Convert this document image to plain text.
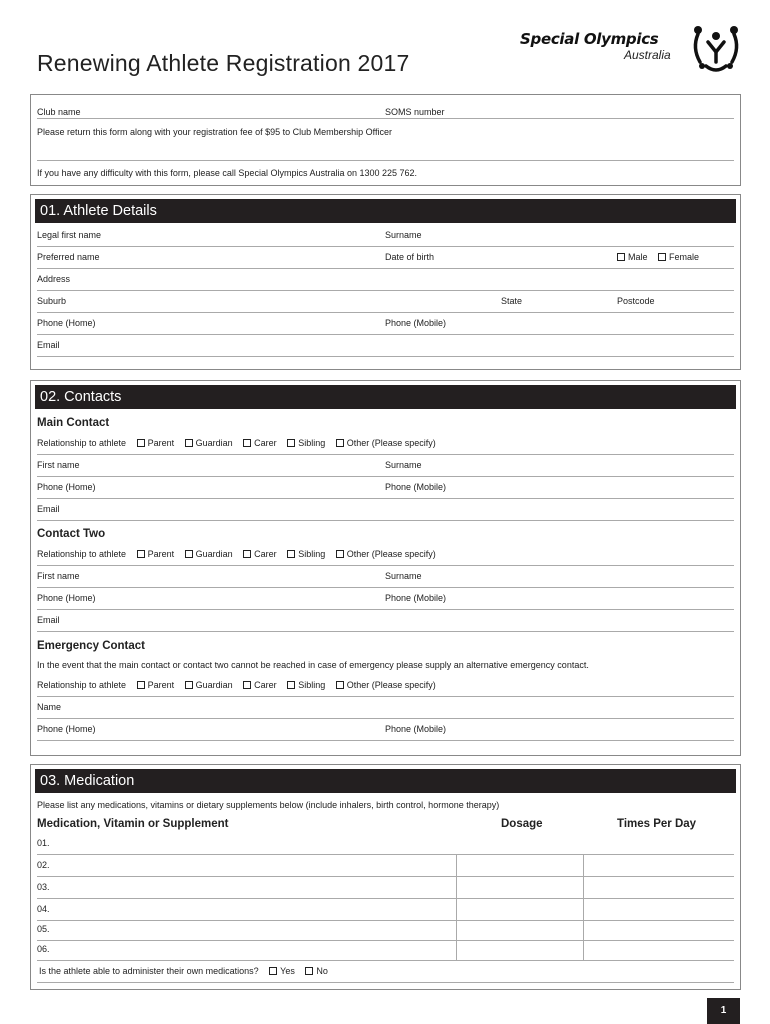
Renewing Athlete Registration 2017
Special Olympics
Australia
Club name	SOMS number
Please return this form along with your registration fee of $95 to Club Membership Officer
If you have any difficulty with this form, please call Special Olympics Australia on 1300 225 762.
01. Athlete Details
Legal first name	Surname
Preferred name	Date of birth	Male Female
Address
Suburb	State	Postcode
Phone (Home)	Phone (Mobile)
Email
02. Contacts
Main Contact
Relationship to athlete Parent Guardian Carer Sibling Other (Please specify)
First name	Surname
Phone (Home)	Phone (Mobile)
Email
Contact Two
Relationship to athlete Parent Guardian Carer Sibling Other (Please specify)
First name	Surname
Phone (Home)	Phone (Mobile)
Email
Emergency Contact
In the event that the main contact or contact two cannot be reached in case of emergency please supply an alternative emergency contact.
Relationship to athlete Parent Guardian Carer Sibling Other (Please specify)
Name
Phone (Home)	Phone (Mobile)
03. Medication
Please list any medications, vitamins or dietary supplements below (include inhalers, birth control, hormone therapy)
Medication, Vitamin or Supplement	Dosage	Times Per Day
01.
02.
03.
04.
05.
06.
Is the athlete able to administer their own medications? Yes No
1
